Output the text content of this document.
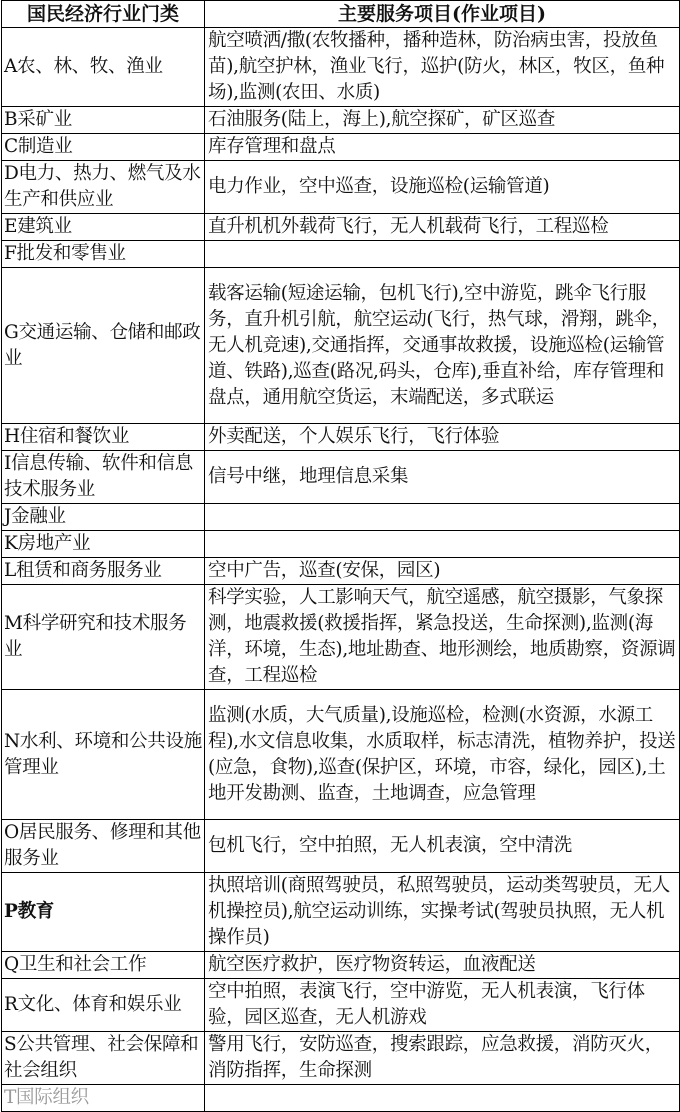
国民经济行业门类	主要服务项目(作业项目)
A农、林、牧、渔业	航空喷洒/撒(农牧播种，播种造林，防治病虫害，投放鱼苗),航空护林，渔业飞行，巡护(防火，林区，牧区，鱼种场),监测(农田、水质)
B采矿业	石油服务(陆上，海上),航空探矿，矿区巡查
C制造业	库存管理和盘点
D电力、热力、燃气及水生产和供应业	电力作业，空中巡查，设施巡检(运输管道)
E建筑业	直升机机外载荷飞行，无人机载荷飞行，工程巡检
F批发和零售业	
G交通运输、仓储和邮政业	载客运输(短途运输，包机飞行),空中游览，跳伞飞行服务，直升机引航，航空运动(飞行，热气球，滑翔，跳伞，无人机竞速),交通指挥，交通事故救援，设施巡检(运输管道、铁路),巡查(路况,码头，仓库),垂直补给，库存管理和盘点，通用航空货运，末端配送，多式联运
H住宿和餐饮业	外卖配送，个人娱乐飞行，飞行体验
I信息传输、软件和信息技术服务业	信号中继，地理信息采集
J金融业	
K房地产业	
L租赁和商务服务业	空中广告，巡查(安保，园区)
M科学研究和技术服务业	科学实验，人工影响天气，航空遥感，航空摄影，气象探测，地震救援(救援指挥，紧急投送，生命探测),监测(海洋，环境，生态),地址勘查、地形测绘，地质勘察，资源调查，工程巡检
N水利、环境和公共设施管理业	监测(水质，大气质量),设施巡检，检测(水资源，水源工程),水文信息收集，水质取样，标志清洗，植物养护，投送(应急，食物),巡查(保护区，环境，市容，绿化，园区),土地开发勘测、监查，土地调查，应急管理
O居民服务、修理和其他服务业	包机飞行，空中拍照，无人机表演，空中清洗
P教育	执照培训(商照驾驶员，私照驾驶员，运动类驾驶员，无人机操控员),航空运动训练，实操考试(驾驶员执照，无人机操作员)
Q卫生和社会工作	航空医疗救护，医疗物资转运，血液配送
R文化、体育和娱乐业	空中拍照，表演飞行，空中游览，无人机表演，飞行体验，园区巡查，无人机游戏
S公共管理、社会保障和社会组织	警用飞行，安防巡查，搜索跟踪，应急救援，消防灭火，消防指挥，生命探测
T国际组织	
